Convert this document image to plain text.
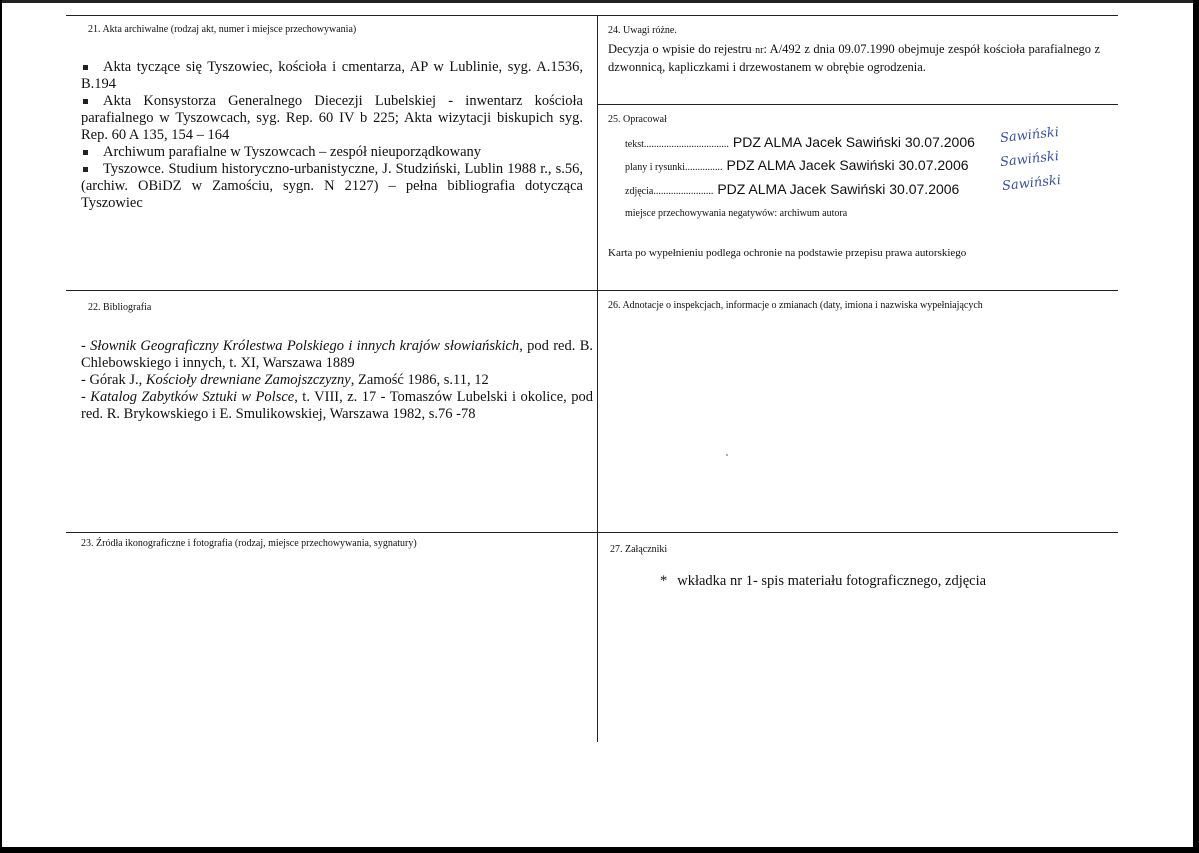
21. Akta archiwalne (rodzaj akt, numer i miejsce przechowywania)
Akta tyczące się Tyszowiec, kościoła i cmentarza, AP w Lublinie, syg. A.1536, B.194
Akta Konsystorza Generalnego Diecezji Lubelskiej - inwentarz kościoła parafialnego w Tyszowcach, syg. Rep. 60 IV b 225; Akta wizytacji biskupich syg. Rep. 60 A 135, 154 – 164
Archiwum parafialne w Tyszowcach – zespół nieuporządkowany
Tyszowce. Studium historyczno-urbanistyczne, J. Studziński, Lublin 1988 r., s.56, (archiw. OBiDZ w Zamościu, sygn. N 2127) – pełna bibliografia dotycząca Tyszowiec
22. Bibliografia
- Słownik Geograficzny Królestwa Polskiego i innych krajów słowiańskich, pod red. B. Chlebowskiego i innych, t. XI, Warszawa 1889
- Górak J., Kościoły drewniane Zamojszczyzny, Zamość 1986, s.11, 12
- Katalog Zabytków Sztuki w Polsce, t. VIII, z. 17 - Tomaszów Lubelski i okolice, pod red. R. Brykowskiego i E. Smulikowskiej, Warszawa 1982, s.76 -78
23. Źródła ikonograficzne i fotografia (rodzaj, miejsce przechowywania, sygnatury)
24. Uwagi różne.
Decyzja o wpisie do rejestru nr: A/492 z dnia 09.07.1990 obejmuje zespół kościoła parafialnego z dzwonnicą, kapliczkami i drzewostanem w obrębie ogrodzenia.
25. Opracował
tekst .................................. PDZ ALMA Jacek Sawiński 30.07.2006 Sawiński
plany i rysunki ............... PDZ ALMA Jacek Sawiński 30.07.2006 Sawiński
zdjęcia ........................ PDZ ALMA Jacek Sawiński 30.07.2006	Sawiński
miejsce przechowywania negatywów: archiwum autora
Karta po wypełnieniu podlega ochronie na podstawie przepisu prawa autorskiego
26. Adnotacje o inspekcjach, informacje o zmianach (daty, imiona i nazwiska wypełniających
27. Załączniki
* wkładka nr 1- spis materiału fotograficznego, zdjęcia
